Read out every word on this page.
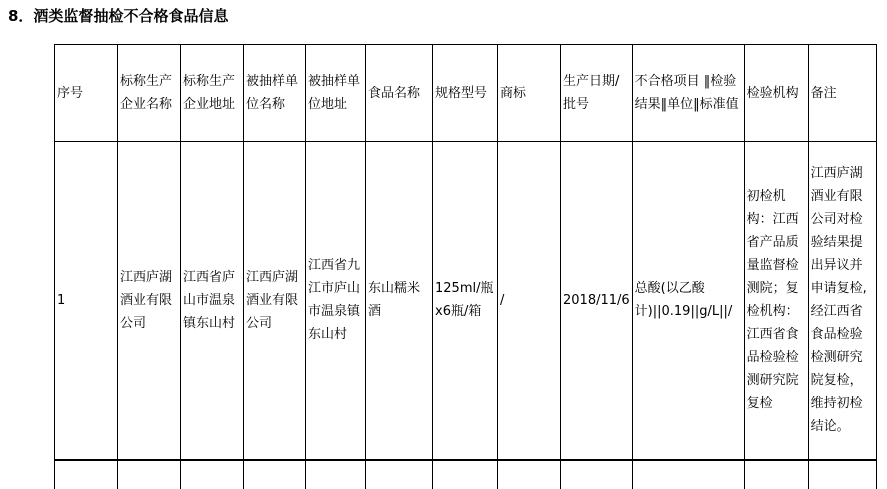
8．酒类监督抽检不合格食品信息
序号	标称生产企业名称	标称生产企业地址	被抽样单位名称	被抽样单位地址	食品名称	规格型号	商标	生产日期/批号	不合格项目 ‖检验结果‖单位‖标准值	检验机构	备注
1	江西庐湖酒业有限公司	江西省庐山市温泉镇东山村	江西庐湖酒业有限公司	江西省九江市庐山市温泉镇东山村	东山糯米酒	125ml/瓶x6瓶/箱	/	2018/11/6	总酸(以乙酸计)||0.19||g/L||/	初检机构：江西省产品质量监督检测院；复检机构：江西省食品检验检测研究院复检	江西庐湖酒业有限公司对检验结果提出异议并申请复检,经江西省食品检验检测研究院复检，维持初检结论。
